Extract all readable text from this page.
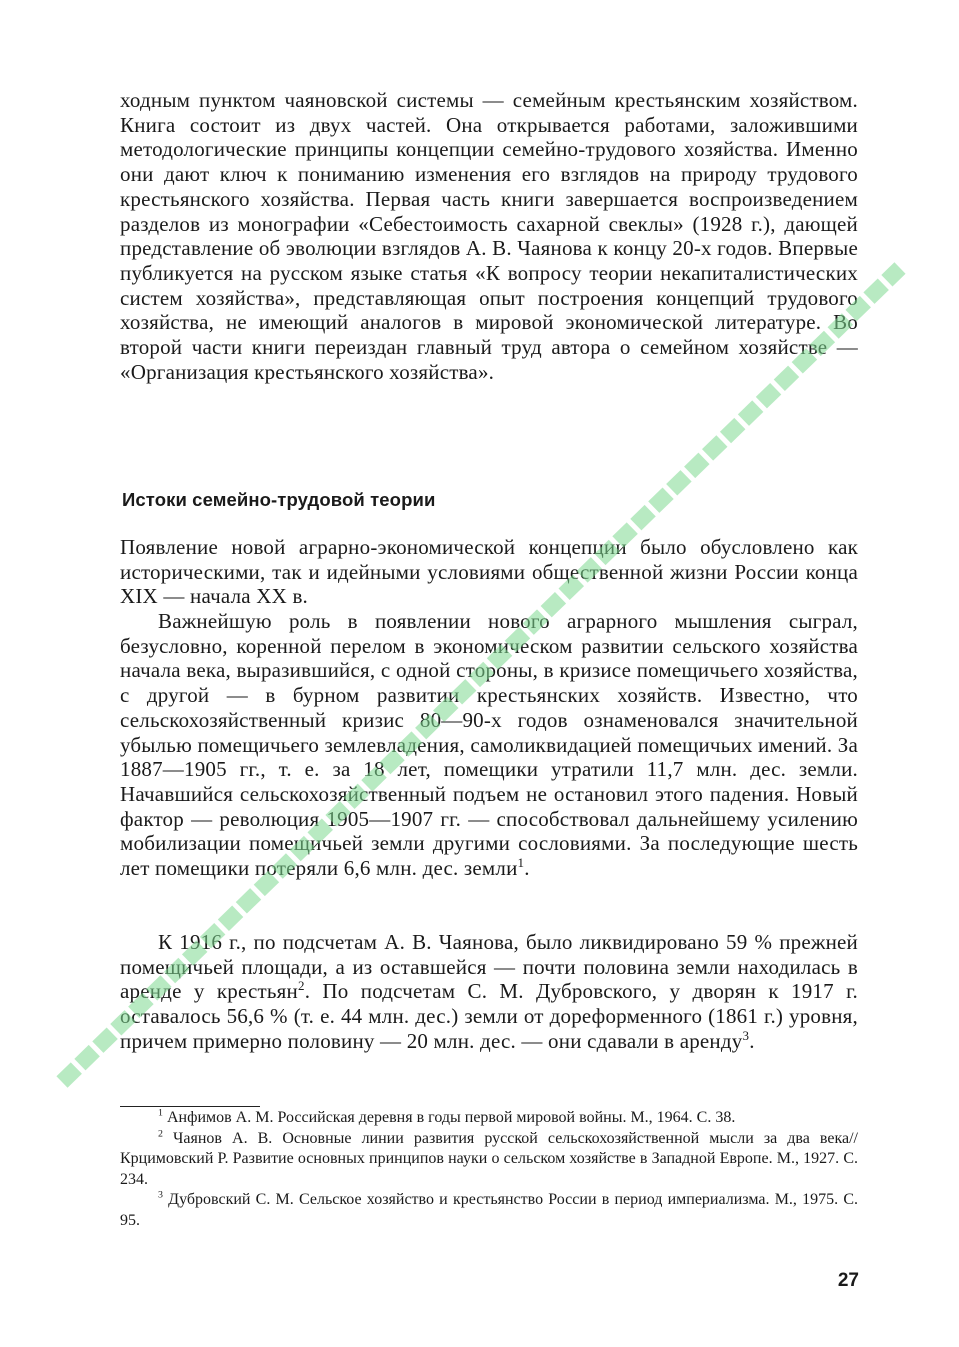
ходным пунктом чаяновской системы — семейным крестьянским хозяйством. Книга состоит из двух частей. Она открывается работами, заложившими методологические принципы концепции семейно-трудового хозяйства. Именно они дают ключ к пониманию изменения его взглядов на природу трудового крестьянского хозяйства. Первая часть книги завершается воспроизведением разделов из монографии «Себестоимость сахарной свеклы» (1928 г.), дающей представление об эволюции взглядов А. В. Чаянова к концу 20-х годов. Впервые публикуется на русском языке статья «К вопросу теории некапиталистических систем хозяйства», представляющая опыт построения концепций трудового хозяйства, не имеющий аналогов в мировой экономической литературе. Во второй части книги переиздан главный труд автора о семейном хозяйстве — «Организация крестьянского хозяйства».

Истоки семейно-трудовой теории

Появление новой аграрно-экономической концепции было обусловлено как историческими, так и идейными условиями общественной жизни России конца XIX — начала XX в.

Важнейшую роль в появлении нового аграрного мышления сыграл, безусловно, коренной перелом в экономическом развитии сельского хозяйства начала века, выразившийся, с одной стороны, в кризисе помещичьего хозяйства, с другой — в бурном развитии крестьянских хозяйств. Известно, что сельскохозяйственный кризис 80—90-х годов ознаменовался значительной убылью помещичьего землевладения, самоликвидацией помещичьих имений. За 1887—1905 гг., т. е. за 18 лет, помещики утратили 11,7 млн. дес. земли. Начавшийся сельскохозяйственный подъем не остановил этого падения. Новый фактор — революция 1905—1907 гг. — способствовал дальнейшему усилению мобилизации помещичьей земли другими сословиями. За последующие шесть лет помещики потеряли 6,6 млн. дес. земли$^1$.

К 1916 г., по подсчетам А. В. Чаянова, было ликвидировано 59 % прежней помещичьей площади, а из оставшейся — почти половина земли находилась в аренде у крестьян$^2$. По подсчетам С. М. Дубровского, у дворян к 1917 г. оставалось 56,6 % (т. е. 44 млн. дес.) земли от дореформенного (1861 г.) уровня, причем примерно половину — 20 млн. дес. — они сдавали в аренду$^3$.

$^1$ Анфимов А. М. Российская деревня в годы первой мировой войны. М., 1964. С. 38.

$^2$ Чаянов А. В. Основные линии развития русской сельскохозяйственной мысли за два века// Крцимовский Р. Развитие основных принципов науки о сельском хозяйстве в Западной Европе. М., 1927. С. 234.

$^3$ Дубровский С. М. Сельское хозяйство и крестьянство России в период империализма. М., 1975. С. 95.

27
